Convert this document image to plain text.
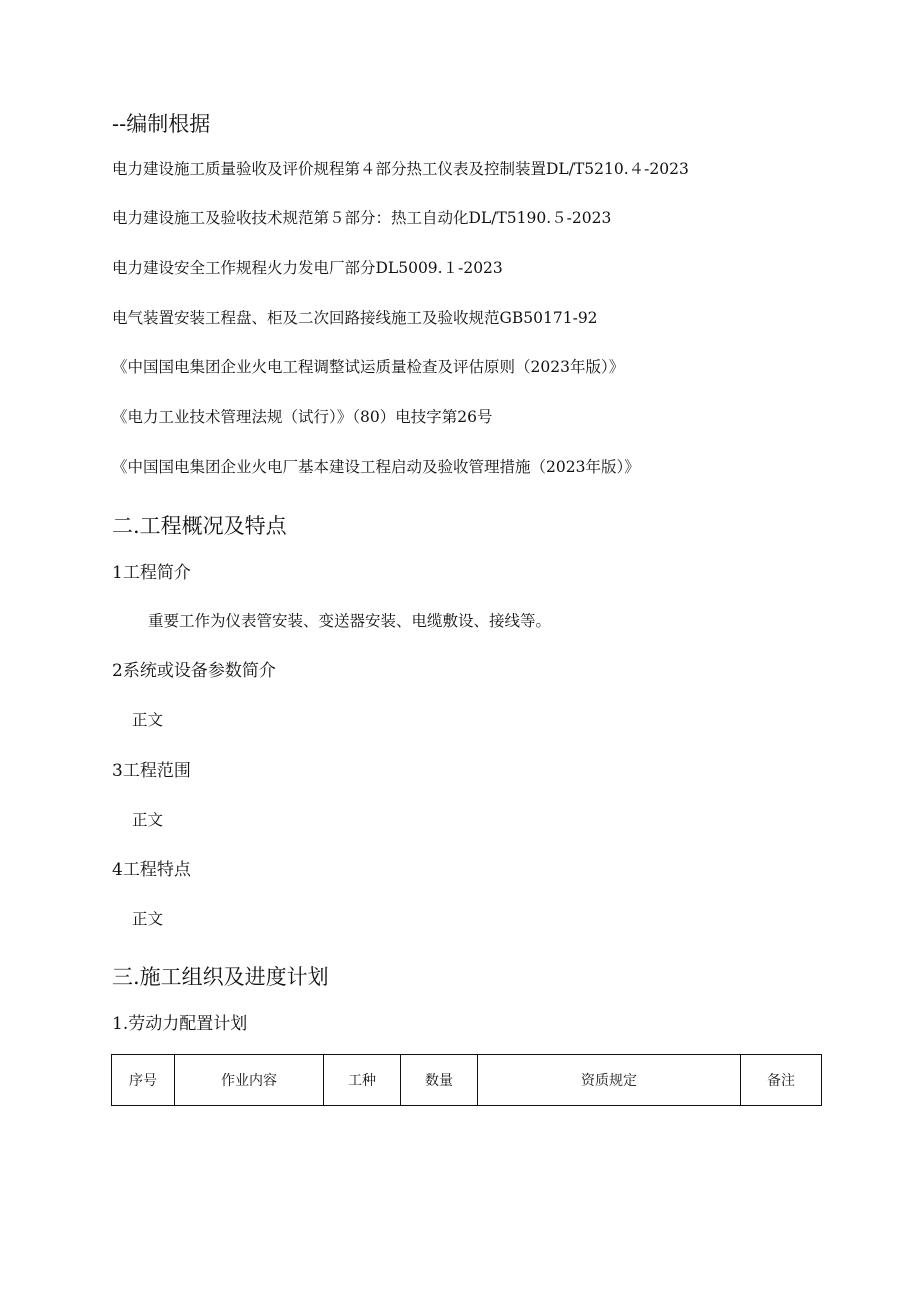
--编制根据
电力建设施工质量验收及评价规程第４部分热工仪表及控制装置DL/T5210.４-2023
电力建设施工及验收技术规范第５部分：热工自动化DL/T5190.５-2023
电力建设安全工作规程火力发电厂部分DL5009.１-2023
电气装置安装工程盘、柜及二次回路接线施工及验收规范GB50171-92
《中国国电集团企业火电工程调整试运质量检查及评估原则（2023年版）》
《电力工业技术管理法规（试行）》（80）电技字第26号
《中国国电集团企业火电厂基本建设工程启动及验收管理措施（2023年版）》
二.工程概况及特点
1工程简介
重要工作为仪表管安装、变送器安装、电缆敷设、接线等。
2系统或设备参数简介
正文
3工程范围
正文
4工程特点
正文
三.施工组织及进度计划
1.劳动力配置计划
序号	作业内容	工种	数量	资质规定	备注
